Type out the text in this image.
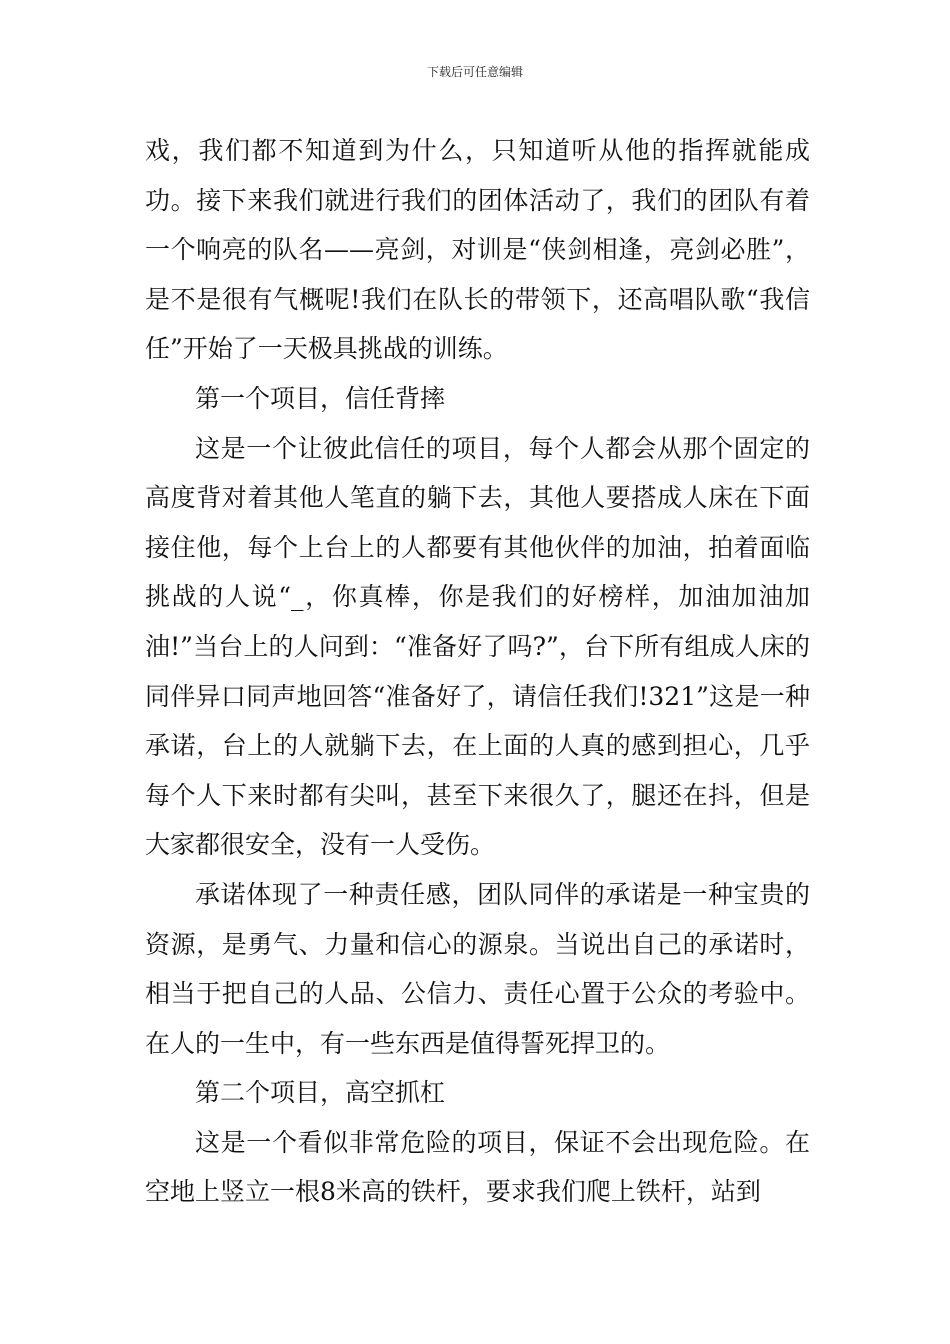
下载后可任意编辑

戏，我们都不知道到为什么，只知道听从他的指挥就能成功。接下来我们就进行我们的团体活动了，我们的团队有着一个响亮的队名——亮剑，对训是“侠剑相逢，亮剑必胜”，是不是很有气概呢!我们在队长的带领下，还高唱队歌“我信任”开始了一天极具挑战的训练。

第一个项目，信任背摔

这是一个让彼此信任的项目，每个人都会从那个固定的高度背对着其他人笔直的躺下去，其他人要搭成人床在下面接住他，每个上台上的人都要有其他伙伴的加油，拍着面临挑战的人说“_，你真棒，你是我们的好榜样，加油加油加油!”当台上的人问到：“准备好了吗?”，台下所有组成人床的同伴异口同声地回答“准备好了，请信任我们!321”这是一种承诺，台上的人就躺下去，在上面的人真的感到担心，几乎每个人下来时都有尖叫，甚至下来很久了，腿还在抖，但是大家都很安全，没有一人受伤。

承诺体现了一种责任感，团队同伴的承诺是一种宝贵的资源，是勇气、力量和信心的源泉。当说出自己的承诺时，相当于把自己的人品、公信力、责任心置于公众的考验中。在人的一生中，有一些东西是值得誓死捍卫的。

第二个项目，高空抓杠

这是一个看似非常危险的项目，保证不会出现危险。在空地上竖立一根8米高的铁杆，要求我们爬上铁杆，站到
